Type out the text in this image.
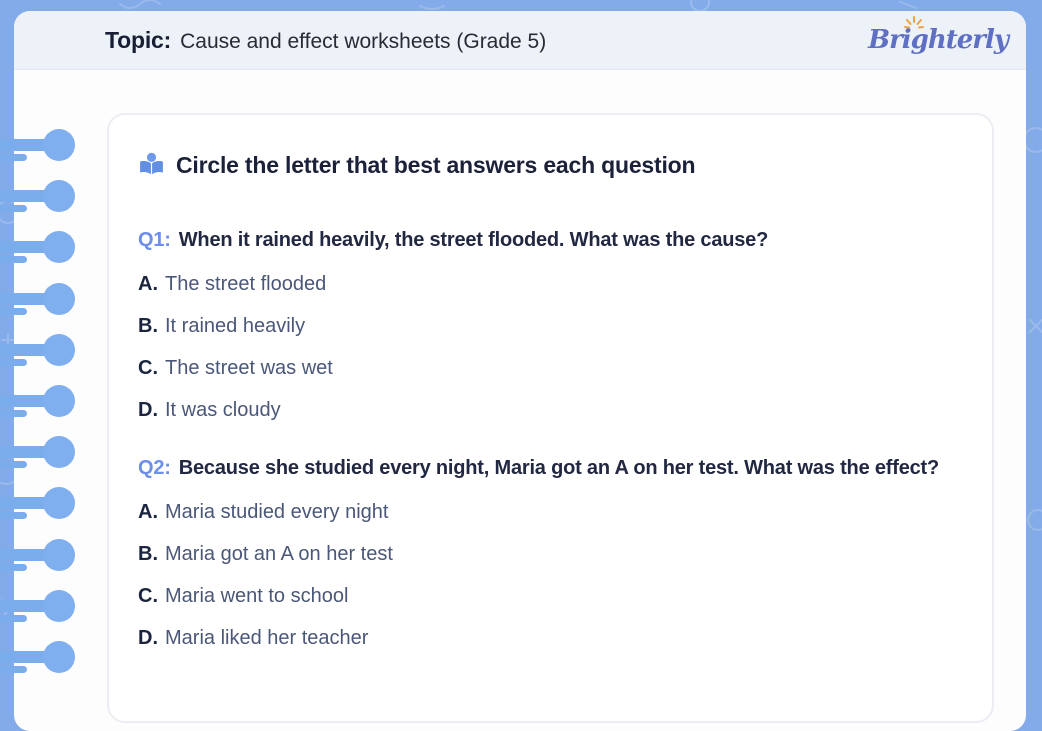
Topic: Cause and effect worksheets (Grade 5)	Brighterly
Circle the letter that best answers each question

Q1: When it rained heavily, the street flooded. What was the cause?

A. The street flooded

B. It rained heavily

C. The street was wet

D. It was cloudy

Q2: Because she studied every night, Maria got an A on her test. What was the effect?

A. Maria studied every night

B. Maria got an A on her test

C. Maria went to school

D. Maria liked her teacher
